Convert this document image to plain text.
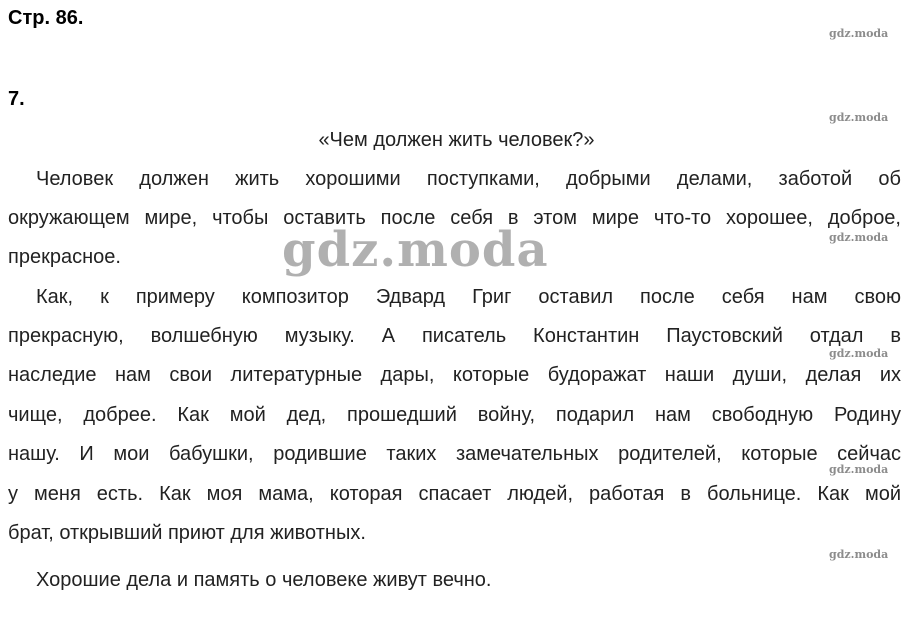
Стр. 86.
7.
«Чем должен жить человек?»
Человек должен жить хорошими поступками, добрыми делами, заботой об
окружающем мире, чтобы оставить после себя в этом мире что-то хорошее, доброе,
прекрасное.
Как, к примеру композитор Эдвард Григ оставил после себя нам свою
прекрасную, волшебную музыку. А писатель Константин Паустовский отдал в
наследие нам свои литературные дары, которые будоражат наши души, делая их
чище, добрее. Как мой дед, прошедший войну, подарил нам свободную Родину
нашу. И мои бабушки, родившие таких замечательных родителей, которые сейчас
у меня есть. Как моя мама, которая спасает людей, работая в больнице. Как мой
брат, открывший приют для животных.
Хорошие дела и память о человеке живут вечно.
gdz.moda
gdz.moda
gdz.moda
gdz.moda
gdz.moda
gdz.moda
gdz.moda
